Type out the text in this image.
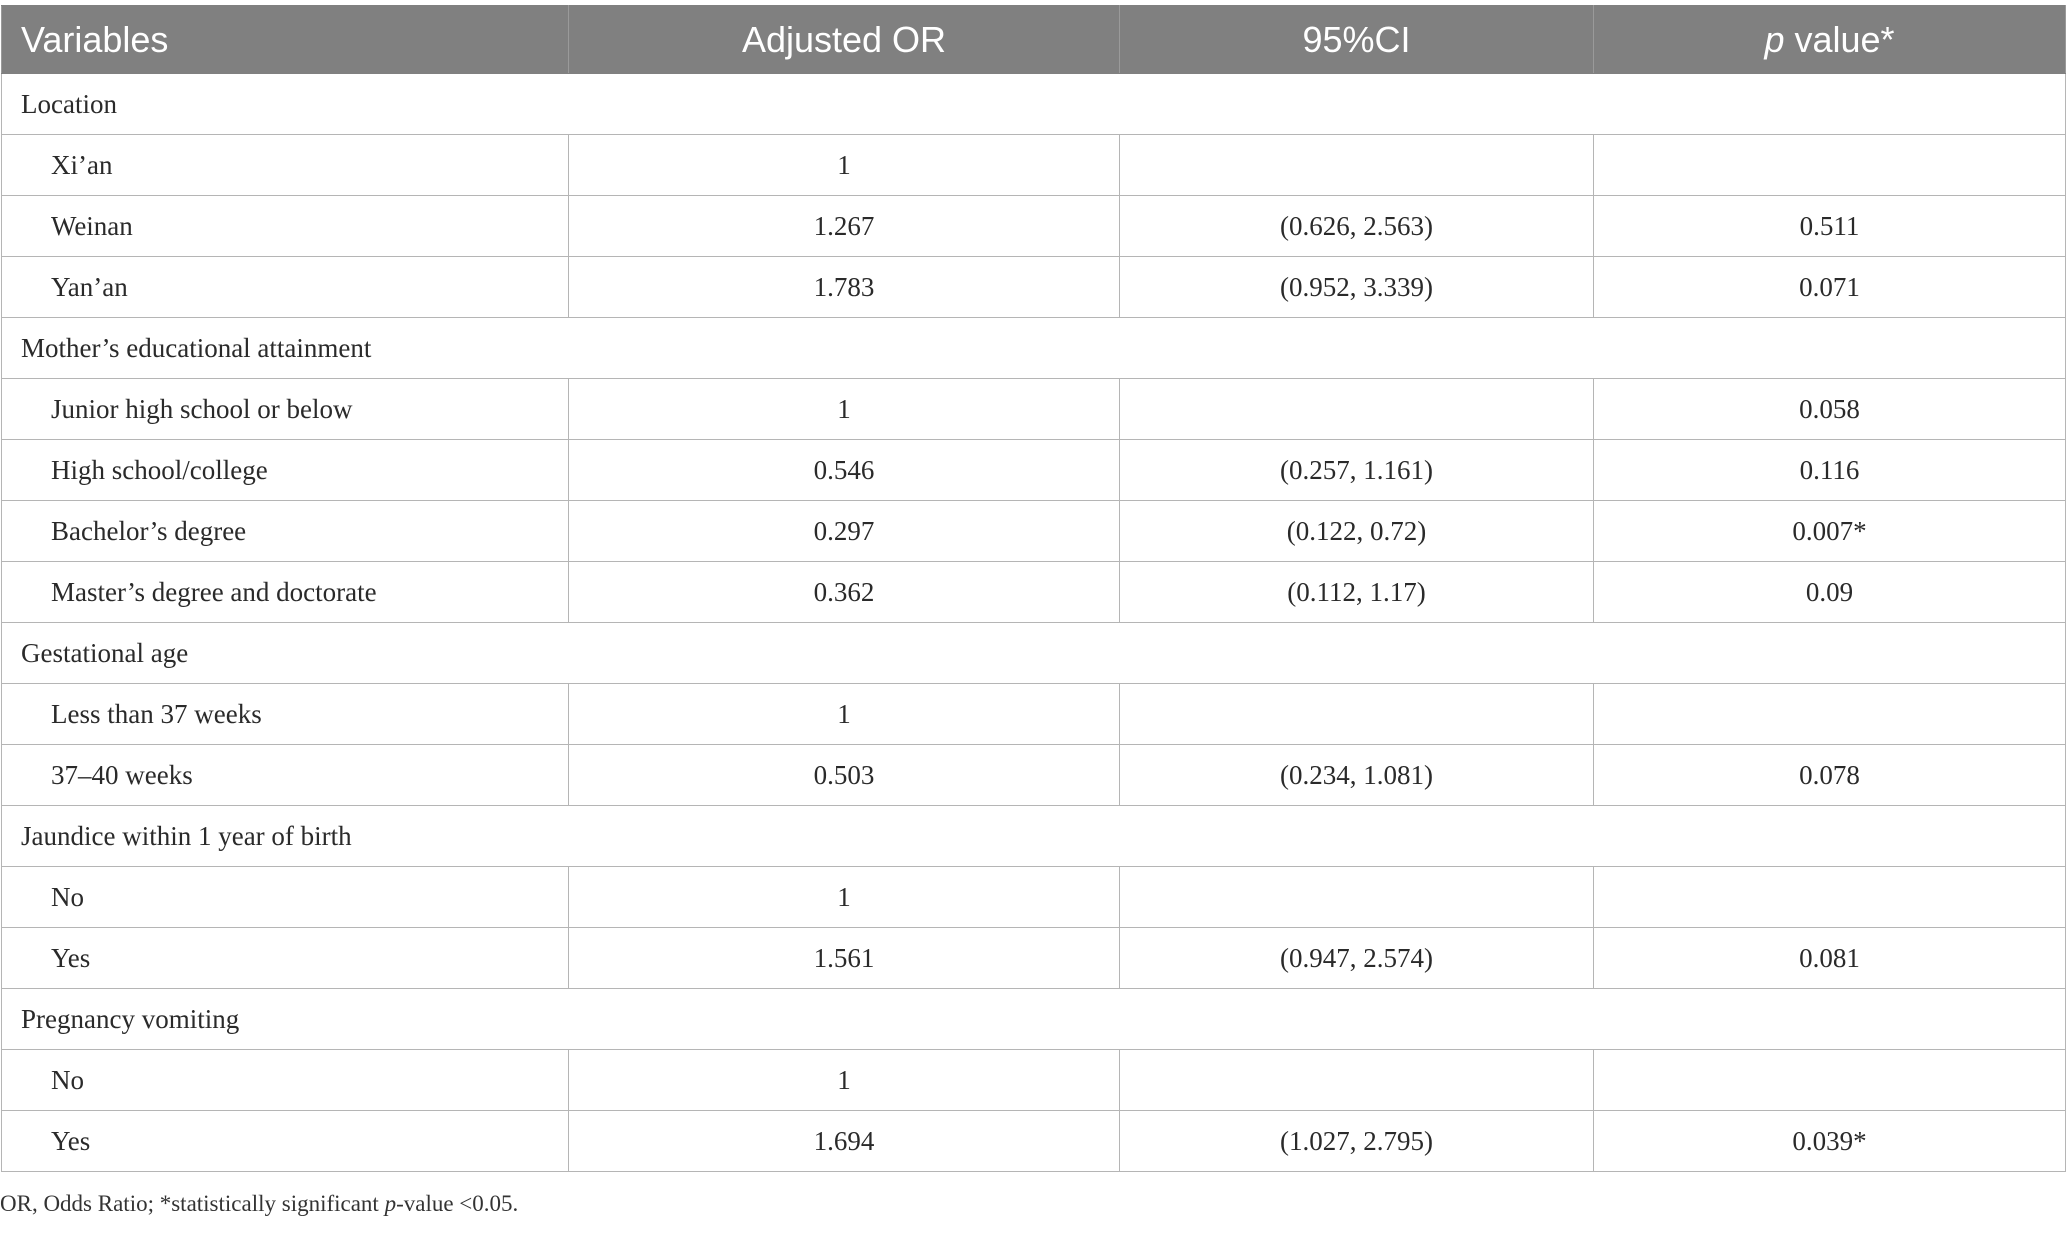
Variables	Adjusted OR	95%CI	p value*
Location			
Xi’an	1		
Weinan	1.267	(0.626, 2.563)	0.511
Yan’an	1.783	(0.952, 3.339)	0.071
Mother’s educational attainment			
Junior high school or below	1		0.058
High school/college	0.546	(0.257, 1.161)	0.116
Bachelor’s degree	0.297	(0.122, 0.72)	0.007*
Master’s degree and doctorate	0.362	(0.112, 1.17)	0.09
Gestational age			
Less than 37 weeks	1		
37–40 weeks	0.503	(0.234, 1.081)	0.078
Jaundice within 1 year of birth			
No	1		
Yes	1.561	(0.947, 2.574)	0.081
Pregnancy vomiting			
No	1		
Yes	1.694	(1.027, 2.795)	0.039*
OR, Odds Ratio; *statistically significant p-value <0.05.
